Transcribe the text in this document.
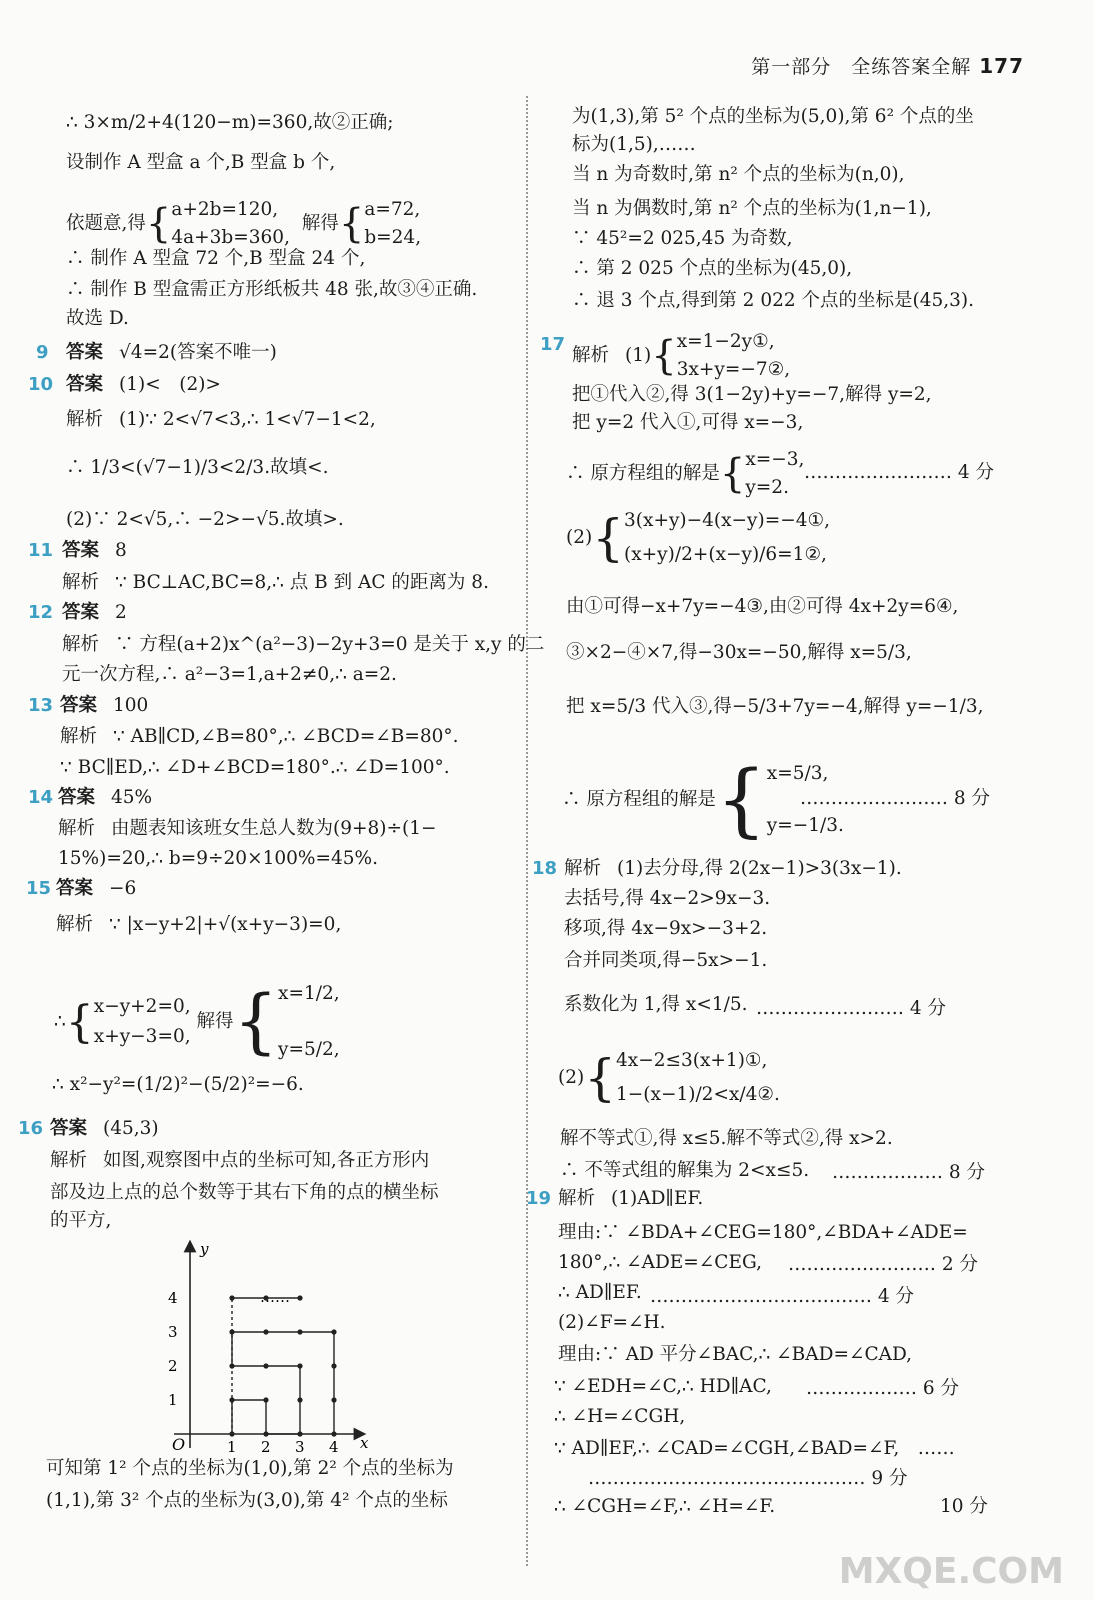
第一部分　全练答案全解 177
∴ 3×m/2+4(120−m)=360,故②正确;
设制作 A 型盒 a 个,B 型盒 b 个,
依题意,得{ a+2b=120,
4a+3b=360,
解得{ a=72,
b=24,
∴ 制作 A 型盒 72 个,B 型盒 24 个,
∴ 制作 B 型盒需正方形纸板共 48 张,故③④正确.
故选 D.
9 答案 √4=2(答案不唯一)
10 答案 (1)<　(2)>
解析 (1)∵ 2<√7<3,∴ 1<√7−1<2,
∴ 1/3<(√7−1)/3<2/3.故填<.
(2)∵ 2<√5,∴ −2>−√5.故填>.
11 答案 8
解析 ∵ BC⊥AC,BC=8,∴ 点 B 到 AC 的距离为 8.
12 答案 2
解析 ∵ 方程(a+2)x^(a²−3)−2y+3=0 是关于 x,y 的二
元一次方程,∴ a²−3=1,a+2≠0,∴ a=2.
13 答案 100
解析 ∵ AB∥CD,∠B=80°,∴ ∠BCD=∠B=80°.
∵ BC∥ED,∴ ∠D+∠BCD=180°.∴ ∠D=100°.
14 答案 45%
解析 由题表知该班女生总人数为(9+8)÷(1−
15%)=20,∴ b=9÷20×100%=45%.
15 答案 −6
解析 ∵ |x−y+2|+√(x+y−3)=0,
∴{ x−y+2=0,
x+y−3=0,
解得{ x=1/2,
y=5/2,
∴ x²−y²=(1/2)²−(5/2)²=−6.
16 答案 (45,3)
解析 如图,观察图中点的坐标可知,各正方形内
部及边上点的总个数等于其右下角的点的横坐标
的平方,
y
x
O	1 2 3 4
1
2
3
4	……
可知第 1² 个点的坐标为(1,0),第 2² 个点的坐标为
(1,1),第 3² 个点的坐标为(3,0),第 4² 个点的坐标
为(1,3),第 5² 个点的坐标为(5,0),第 6² 个点的坐
标为(1,5),……
当 n 为奇数时,第 n² 个点的坐标为(n,0),
当 n 为偶数时,第 n² 个点的坐标为(1,n−1),
∵ 45²=2 025,45 为奇数,
∴ 第 2 025 个点的坐标为(45,0),
∴ 退 3 个点,得到第 2 022 个点的坐标是(45,3).
17
解析 (1){ x=1−2y①,
3x+y=−7②,
把①代入②,得 3(1−2y)+y=−7,解得 y=2,
把 y=2 代入①,可得 x=−3,
∴ 原方程组的解是{ x=−3,
y=2.
…………………… 4 分
(2){ 3(x+y)−4(x−y)=−4①,
(x+y)/2+(x−y)/6=1②,
由①可得−x+7y=−4③,由②可得 4x+2y=6④,
③×2−④×7,得−30x=−50,解得 x=5/3,
把 x=5/3 代入③,得−5/3+7y=−4,解得 y=−1/3,
∴ 原方程组的解是{ x=5/3,
y=−1/3.
…………………… 8 分
18 解析 (1)去分母,得 2(2x−1)>3(3x−1).
去括号,得 4x−2>9x−3.
移项,得 4x−9x>−3+2.
合并同类项,得−5x>−1.
系数化为 1,得 x<1/5. …………………… 4 分
(2){ 4x−2≤3(x+1)①,
1−(x−1)/2<x/4②.
解不等式①,得 x≤5.解不等式②,得 x>2.
∴ 不等式组的解集为 2<x≤5. ……………… 8 分
19 解析 (1)AD∥EF.
理由:∵ ∠BDA+∠CEG=180°,∠BDA+∠ADE=
180°,∴ ∠ADE=∠CEG, …………………… 2 分
∴ AD∥EF. ……………………………… 4 分
(2)∠F=∠H.
理由:∵ AD 平分∠BAC,∴ ∠BAD=∠CAD,
∵ ∠EDH=∠C,∴ HD∥AC, ……………… 6 分
∴ ∠H=∠CGH,
∵ AD∥EF,∴ ∠CAD=∠CGH,∠BAD=∠F,　……
……………………………………… 9 分
∴ ∠CGH=∠F,∴ ∠H=∠F.	10 分
MXQE.COM
